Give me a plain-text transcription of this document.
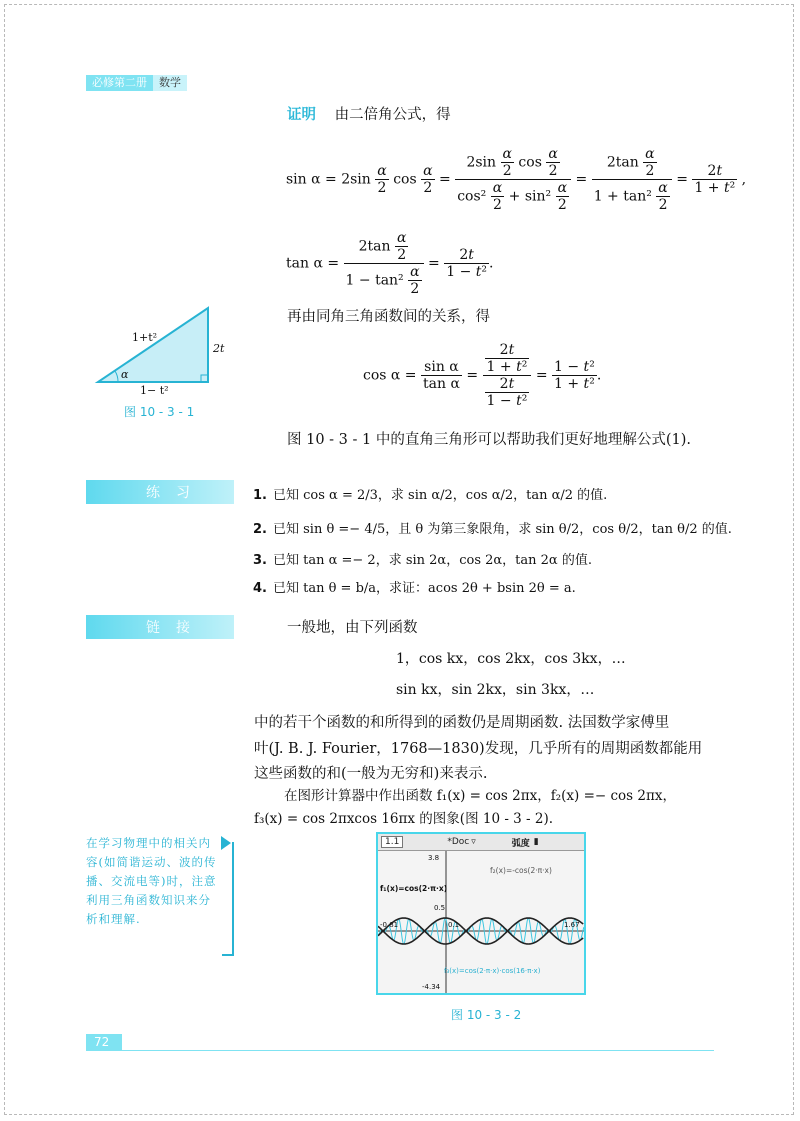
必修第二册	数学
证明 由二倍角公式，得
$\sin \alpha = 2\sin \frac{\alpha}{2}$ $\cos \frac{\alpha}{2} = \frac{2\sin \frac{\alpha}{2} \cos \frac{\alpha}{2}}{\cos^2 \frac{\alpha}{2} + \sin^2 \frac{\alpha}{2}} = \frac{2\tan \frac{\alpha}{2}}{1 + \tan^2 \frac{\alpha}{2}} = \frac{2t}{\text{1 + t²}}$ ,
$\tan \alpha = \frac{2\tan \frac{\alpha}{2}}{1 - \tan^2 \frac{\alpha}{2}} = \frac{2t}{\text{1 − t²}}$ .
再由同角三角函数间的关系，得
$\cos \alpha = \frac{\text{sin α}}{\text{tan α}} = \frac{\frac{2t}{\text{1 + t²}}}{\frac{2t}{\text{1 − t²}}} = \frac{\text{1 − t²}}{\text{1 + t²}}$ .
1+t²
2t
1− t²
α
图 10 - 3 - 1
图 10 - 3 - 1 中的直角三角形可以帮助我们更好地理解公式(1).
练习	1. 已知 cos α = 2/3，求 sin α/2，cos α/2，tan α/2 的值.
2. 已知 sin θ =− 4/5，且 θ 为第三象限角，求 sin θ/2，cos θ/2，tan θ/2 的值.
3. 已知 tan α =− 2，求 sin 2α，cos 2α，tan 2α 的值.
4. 已知 tan θ = b/a，求证：acos 2θ + bsin 2θ = a.
链接	一般地，由下列函数
1，cos kx，cos 2kx，cos 3kx，…
sin kx，sin 2kx，sin 3kx，…
中的若干个函数的和所得到的函数仍是周期函数. 法国数学家傅里
叶(J. B. J. Fourier，1768—1830)发现，几乎所有的周期函数都能用
这些函数的和(一般为无穷和)来表示.
在图形计算器中作出函数 f₁(x) = cos 2πx，f₂(x) =− cos 2πx，
f₃(x) = cos 2πxcos 16πx 的图象(图 10 - 3 - 2).
在学习物理中的相关内容(如简谐运动、波的传播、交流电等)时，注意利用三角函数知识来分析和理解.
1.1	*Doc ▿	弧度 ▮
3.8
-4.34
-0.81	1.67
0.5
0.1
f₁(x)=cos(2·π·x)
f₂(x)=-cos(2·π·x)
f₃(x)=cos(2·π·x)·cos(16·π·x)
图 10 - 3 - 2
72
